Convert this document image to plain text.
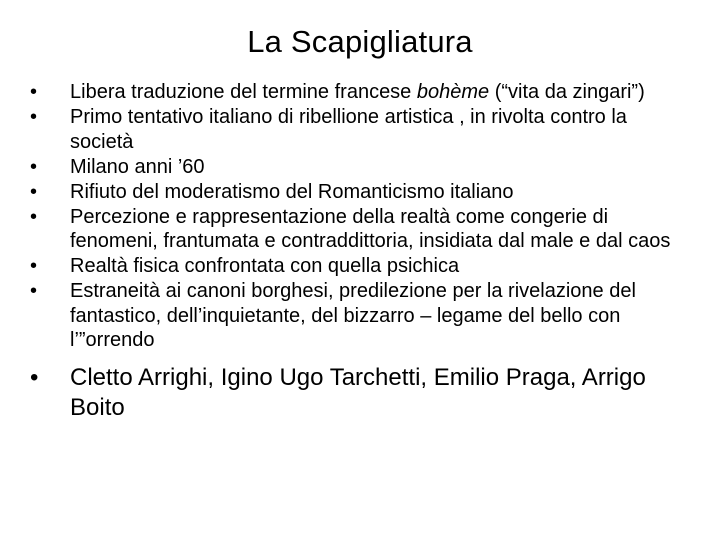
La Scapigliatura
•	Libera traduzione del termine francese bohème (“vita da zingari”)
•	Primo tentativo italiano di ribellione artistica , in rivolta contro la società
•	Milano anni ’60
•	Rifiuto del moderatismo del Romanticismo italiano
•	Percezione e rappresentazione della realtà come congerie di fenomeni, frantumata e contraddittoria, insidiata dal male e dal caos
•	Realtà fisica confrontata con quella psichica
•	Estraneità ai canoni borghesi, predilezione per la rivelazione del fantastico, dell’inquietante, del bizzarro – legame del bello con l’”orrendo
•	Cletto Arrighi, Igino Ugo Tarchetti, Emilio Praga, Arrigo Boito
